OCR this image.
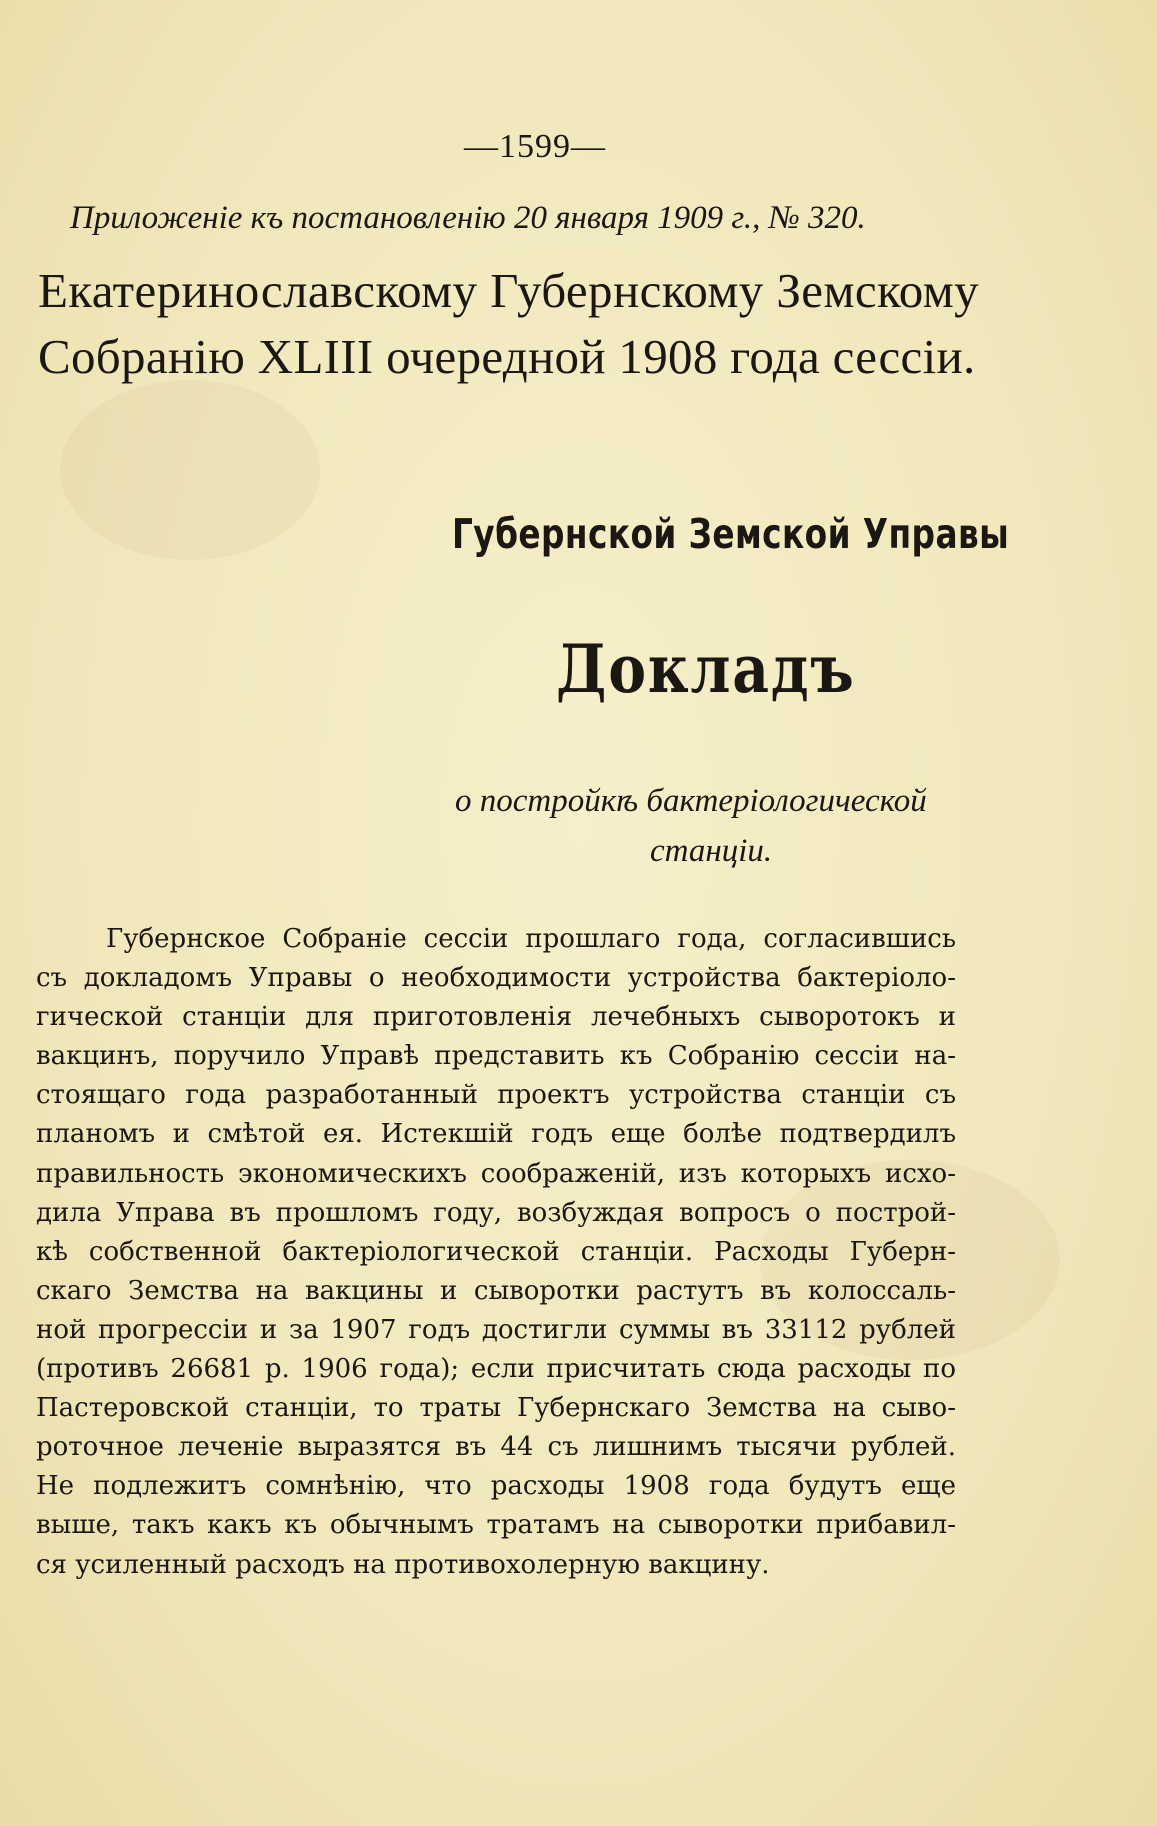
—1599—
Приложеніе къ постановленію 20 января 1909 г., № 320.
Екатеринославскому Губернскому Земскому
Собранію XLIII очередной 1908 года сессіи.
Губернской Земской Управы
Докладъ
о постройкѣ бактеріологической
станціи.
Губернское Собраніе сессіи прошлаго года, согласившись
съ докладомъ Управы о необходимости устройства бактеріоло-
гической станціи для приготовленія лечебныхъ сыворотокъ и
вакцинъ, поручило Управѣ представить къ Собранію сессіи на-
стоящаго года разработанный проектъ устройства станціи съ
планомъ и смѣтой ея. Истекшій годъ еще болѣе подтвердилъ
правильность экономическихъ соображеній, изъ которыхъ исхо-
дила Управа въ прошломъ году, возбуждая вопросъ о построй-
кѣ собственной бактеріологической станціи. Расходы Губерн-
скаго Земства на вакцины и сыворотки растутъ въ колоссаль-
ной прогрессіи и за 1907 годъ достигли суммы въ 33112 рублей
(противъ 26681 р. 1906 года); если присчитать сюда расходы по
Пастеровской станціи, то траты Губернскаго Земства на сыво-
роточное леченіе выразятся въ 44 съ лишнимъ тысячи рублей.
Не подлежитъ сомнѣнію, что расходы 1908 года будутъ еще
выше, такъ какъ къ обычнымъ тратамъ на сыворотки прибавил-
ся усиленный расходъ на противохолерную вакцину.
